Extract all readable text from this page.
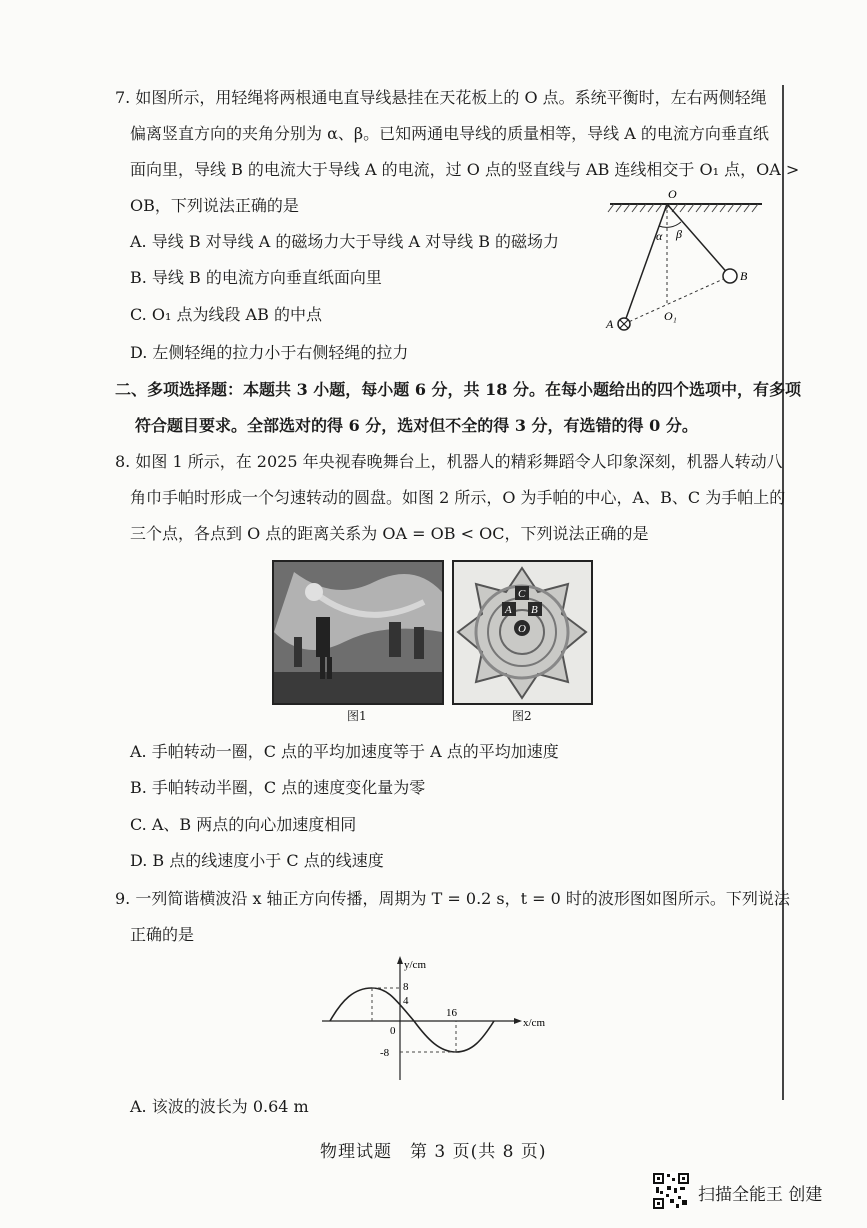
7. 如图所示，用轻绳将两根通电直导线悬挂在天花板上的 O 点。系统平衡时，左右两侧轻绳
偏离竖直方向的夹角分别为 α、β。已知两通电导线的质量相等，导线 A 的电流方向垂直纸
面向里，导线 B 的电流大于导线 A 的电流，过 O 点的竖直线与 AB 连线相交于 O₁ 点，OA >
OB，下列说法正确的是
A. 导线 B 对导线 A 的磁场力大于导线 A 对导线 B 的磁场力
B. 导线 B 的电流方向垂直纸面向里
C. O₁ 点为线段 AB 的中点
D. 左侧轻绳的拉力小于右侧轻绳的拉力
O
α β
B
A
O₁
二、多项选择题：本题共 3 小题，每小题 6 分，共 18 分。在每小题给出的四个选项中，有多项
符合题目要求。全部选对的得 6 分，选对但不全的得 3 分，有选错的得 0 分。
8. 如图 1 所示，在 2025 年央视春晚舞台上，机器人的精彩舞蹈令人印象深刻，机器人转动八
角巾手帕时形成一个匀速转动的圆盘。如图 2 所示，O 为手帕的中心，A、B、C 为手帕上的
三个点，各点到 O 点的距离关系为 OA = OB < OC，下列说法正确的是
C
A B
O
图1	图2
A. 手帕转动一圈，C 点的平均加速度等于 A 点的平均加速度
B. 手帕转动半圈，C 点的速度变化量为零
C. A、B 两点的向心加速度相同
D. B 点的线速度小于 C 点的线速度
9. 一列简谐横波沿 x 轴正方向传播，周期为 T = 0.2 s，t = 0 时的波形图如图所示。下列说法
正确的是
y/cm
x/cm
8
4
0
16
-8
A. 该波的波长为 0.64 m
物理试题　第 3 页(共 8 页)
扫描全能王 创建
